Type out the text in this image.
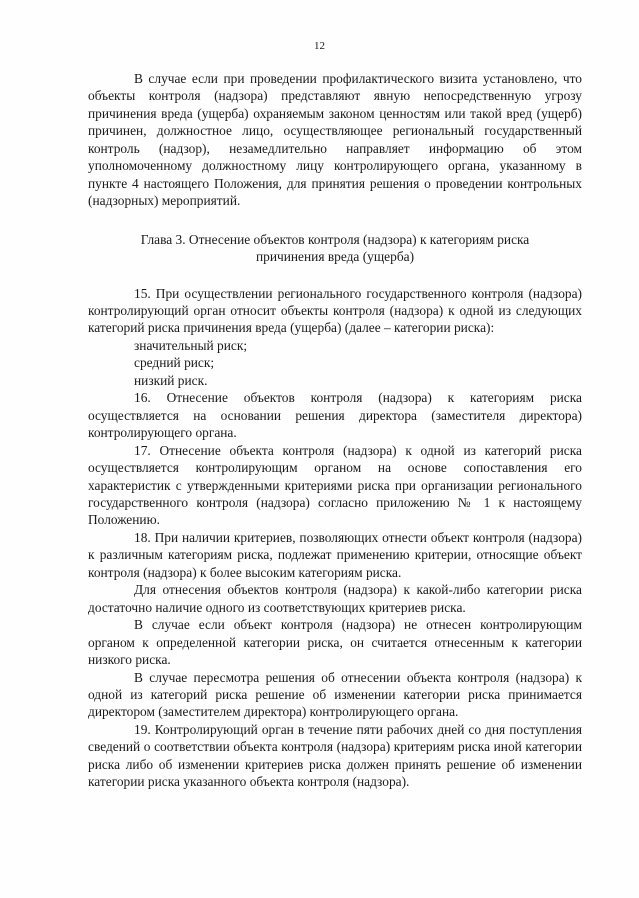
12

В случае если при проведении профилактического визита установлено, что объекты контроля (надзора) представляют явную непосредственную угрозу причинения вреда (ущерба) охраняемым законом ценностям или такой вред (ущерб) причинен, должностное лицо, осуществляющее региональный государственный контроль (надзор), незамедлительно направляет информацию об этом уполномоченному должностному лицу контролирующего органа, указанному в пункте 4 настоящего Положения, для принятия решения о проведении контрольных (надзорных) мероприятий.

Глава 3. Отнесение объектов контроля (надзора) к категориям риска
причинения вреда (ущерба)

15. При осуществлении регионального государственного контроля (надзора) контролирующий орган относит объекты контроля (надзора) к одной из следующих категорий риска причинения вреда (ущерба) (далее – категории риска):

значительный риск;

средний риск;

низкий риск.

16. Отнесение объектов контроля (надзора) к категориям риска осуществляется на основании решения директора (заместителя директора) контролирующего органа.

17. Отнесение объекта контроля (надзора) к одной из категорий риска осуществляется контролирующим органом на основе сопоставления его характеристик с утвержденными критериями риска при организации регионального государственного контроля (надзора) согласно приложению № 1 к настоящему Положению.

18. При наличии критериев, позволяющих отнести объект контроля (надзора) к различным категориям риска, подлежат применению критерии, относящие объект контроля (надзора) к более высоким категориям риска.

Для отнесения объектов контроля (надзора) к какой-либо категории риска достаточно наличие одного из соответствующих критериев риска.

В случае если объект контроля (надзора) не отнесен контролирующим органом к определенной категории риска, он считается отнесенным к категории низкого риска.

В случае пересмотра решения об отнесении объекта контроля (надзора) к одной из категорий риска решение об изменении категории риска принимается директором (заместителем директора) контролирующего органа.

19. Контролирующий орган в течение пяти рабочих дней со дня поступления сведений о соответствии объекта контроля (надзора) критериям риска иной категории риска либо об изменении критериев риска должен принять решение об изменении категории риска указанного объекта контроля (надзора).
